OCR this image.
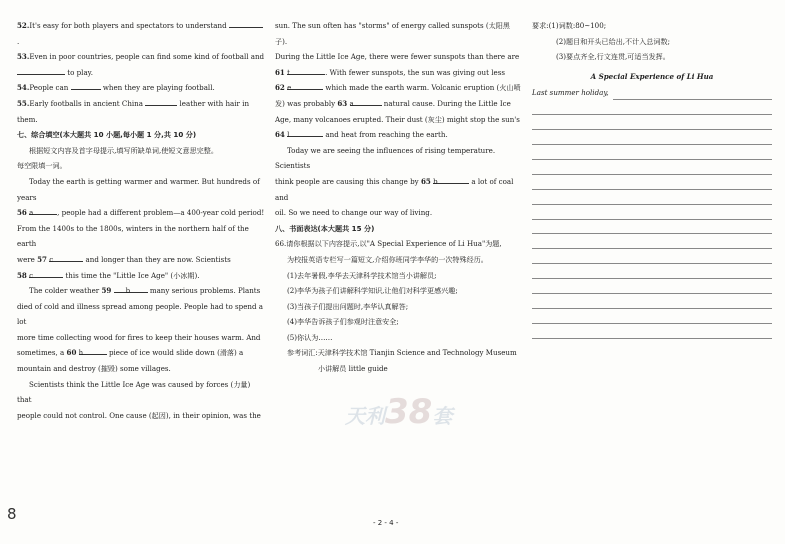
52.It's easy for both players and spectators to understand .

53.Even in poor countries, people can find some kind of football and

to play.

54.People can	when they are playing football.

55.Early footballs in ancient China	leather with hair in them.

七、综合填空(本大题共 10 小题,每小题 1 分,共 10 分)

根据短文内容及首字母提示,填写所缺单词,使短文意思完整。

每空限填一词。

Today the earth is getting warmer and warmer. But hundreds of years

56 a	, people had a different problem—a 400-year cold period!

From the 1400s to the 1800s, winters in the northern half of the earth

were 57 c	and longer than they are now. Scientists

58 c	this time the "Little Ice Age" (小冰期).

The colder weather 59 b	many serious problems. Plants

died of cold and illness spread among people. People had to spend a lot

more time collecting wood for fires to keep their houses warm. And

sometimes, a 60 h	piece of ice would slide down (滑落) a

mountain and destroy (摧毁) some villages.

Scientists think the Little Ice Age was caused by forces (力量) that

people could not control. One cause (起因), in their opinion, was the

sun. The sun often has "storms" of energy called sunspots (太阳黑子).

During the Little Ice Age, there were fewer sunspots than there are

61 t	. With fewer sunspots, the sun was giving out less

62 e	which made the earth warm. Volcanic eruption (火山喷

发) was probably 63 a	natural cause. During the Little Ice

Age, many volcanoes erupted. Their dust (灰尘) might stop the sun's

64 l	and heat from reaching the earth.

Today we are seeing the influences of rising temperature. Scientists

think people are causing this change by 65 b	a lot of coal and

oil. So we need to change our way of living.

八、书面表达(本大题共 15 分)

66.请你根据以下内容提示,以"A Special Experience of Li Hua"为题,

为校报英语专栏写一篇短文,介绍你班同学李华的一次特殊经历。

(1)去年暑假,李华去天津科学技术馆当小讲解员;

(2)李华为孩子们讲解科学知识,让他们对科学更感兴趣;

(3)当孩子们提出问题时,李华认真解答;

(4)李华告诉孩子们参观时注意安全;

(5)你认为……

参考词汇:天津科学技术馆 Tianjin Science and Technology Museum

小讲解员 little guide

要求:(1)词数:80~100;

(2)题目和开头已给出,不计入总词数;

(3)要点齐全,行文连贯,可适当发挥。

A Special Experience of Li Hua

Last summer holiday,
天利38套
- 2 - 4 -
8
